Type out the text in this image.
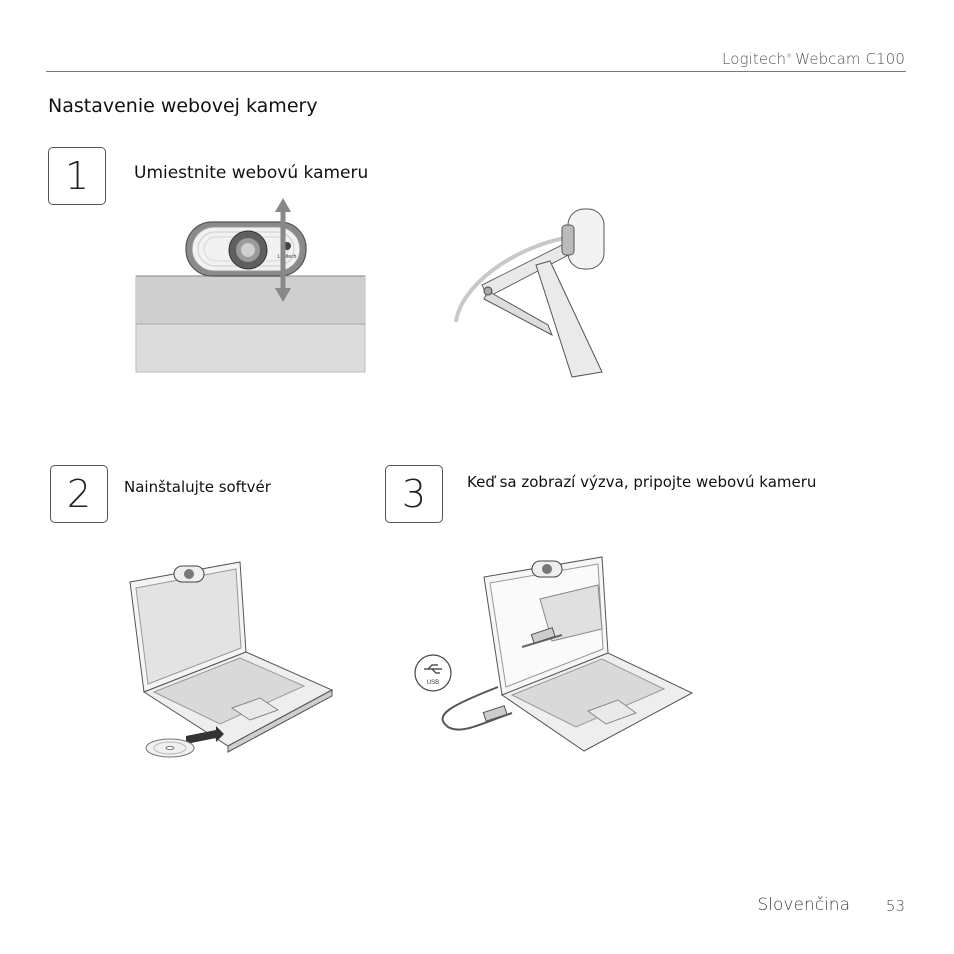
Logitech® Webcam C100
Nastavenie webovej kamery
1	Umiestnite webovú kameru
Logitech
2	Nainštalujte softvér	3	Keď sa zobrazí výzva, pripojte webovú kameru
USB
Slovenčina 53
